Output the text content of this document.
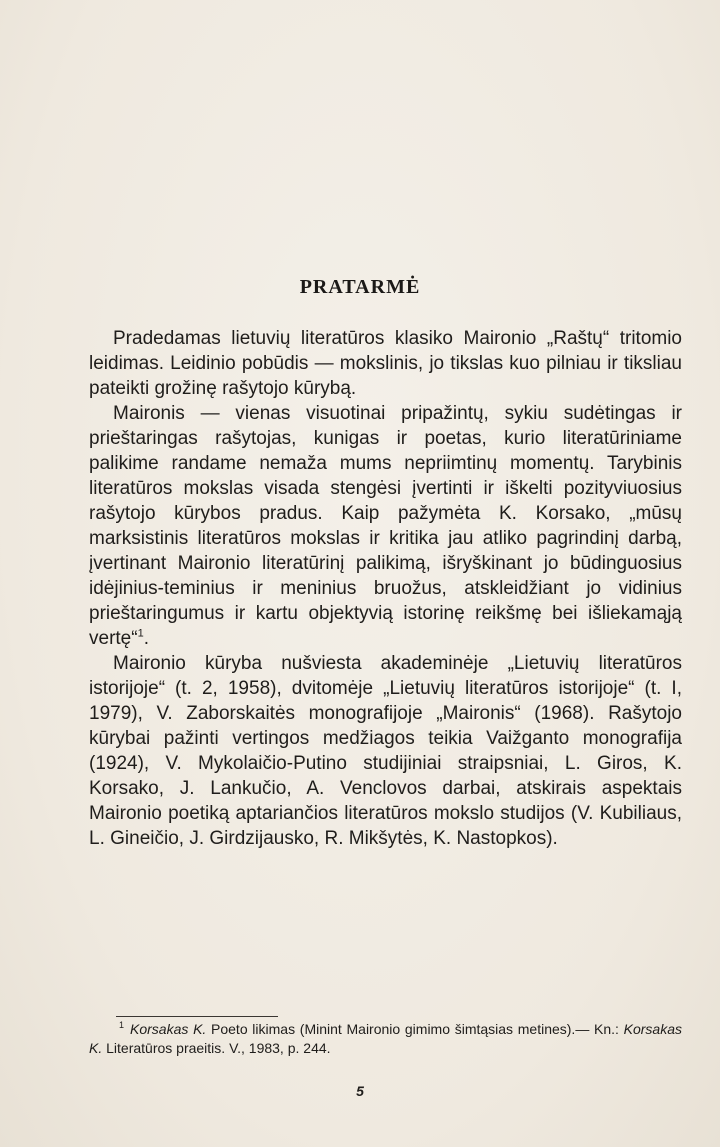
PRATARMĖ

Pradedamas lietuvių literatūros klasiko Maironio „Raštų“ tritomio leidimas. Leidinio pobūdis — mokslinis, jo tikslas kuo pilniau ir tiksliau pateikti grožinę rašytojo kūrybą.

Maironis — vienas visuotinai pripažintų, sykiu sudėtingas ir prieštaringas rašytojas, kunigas ir poetas, kurio literatūriniame palikime randame nemaža mums nepriimtinų momentų. Tarybinis literatūros mokslas visada stengėsi įvertinti ir iškelti pozityviuosius rašytojo kūrybos pradus. Kaip pažymėta K. Korsako, „mūsų marksistinis literatūros mokslas ir kritika jau atliko pagrindinį darbą, įvertinant Maironio literatūrinį palikimą, išryškinant jo būdinguosius idėjinius-teminius ir meninius bruožus, atskleidžiant jo vidinius prieštaringumus ir kartu objektyvią istorinę reikšmę bei išliekamąją vertę“$^1$.

Maironio kūryba nušviesta akademinėje „Lietuvių literatūros istorijoje“ (t. 2, 1958), dvitomėje „Lietuvių literatūros istorijoje“ (t. I, 1979), V. Zaborskaitės monografijoje „Maironis“ (1968). Rašytojo kūrybai pažinti vertingos medžiagos teikia Vaižganto monografija (1924), V. Mykolaičio-Putino studijiniai straipsniai, L. Giros, K. Korsako, J. Lankučio, A. Venclovos darbai, atskirais aspektais Maironio poetiką aptariančios literatūros mokslo studijos (V. Kubiliaus, L. Gineičio, J. Girdzijausko, R. Mikšytės, K. Nastopkos).

$^1$ Korsakas K. Poeto likimas (Minint Maironio gimimo šimtąsias metines).— Kn.: Korsakas K. Literatūros praeitis. V., 1983, p. 244.
5
